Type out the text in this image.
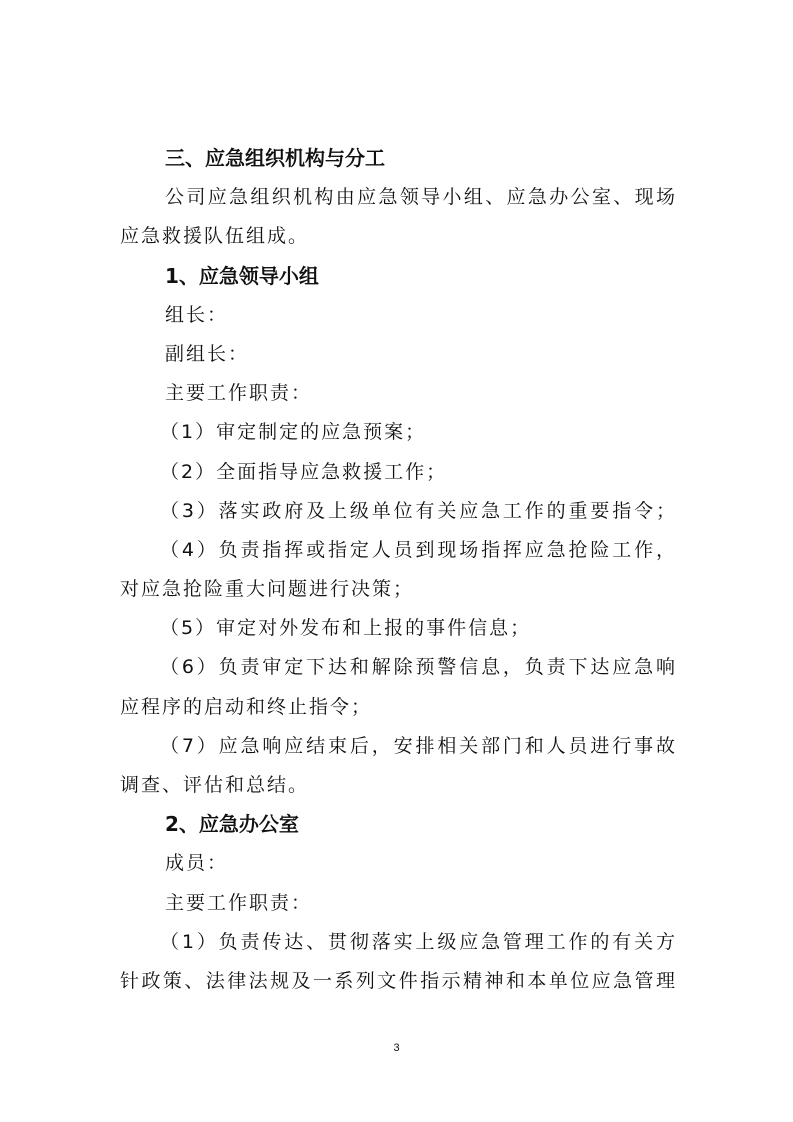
三、应急组织机构与分工
公司应急组织机构由应急领导小组、应急办公室、现场
应急救援队伍组成。
1、应急领导小组
组长：
副组长：
主要工作职责：
（1）审定制定的应急预案；
（2）全面指导应急救援工作；
（3）落实政府及上级单位有关应急工作的重要指令；
（4）负责指挥或指定人员到现场指挥应急抢险工作，
对应急抢险重大问题进行决策；
（5）审定对外发布和上报的事件信息；
（6）负责审定下达和解除预警信息，负责下达应急响
应程序的启动和终止指令；
（7）应急响应结束后，安排相关部门和人员进行事故
调查、评估和总结。
2、应急办公室
成员：
主要工作职责：
（1）负责传达、贯彻落实上级应急管理工作的有关方
针政策、法律法规及一系列文件指示精神和本单位应急管理
3
